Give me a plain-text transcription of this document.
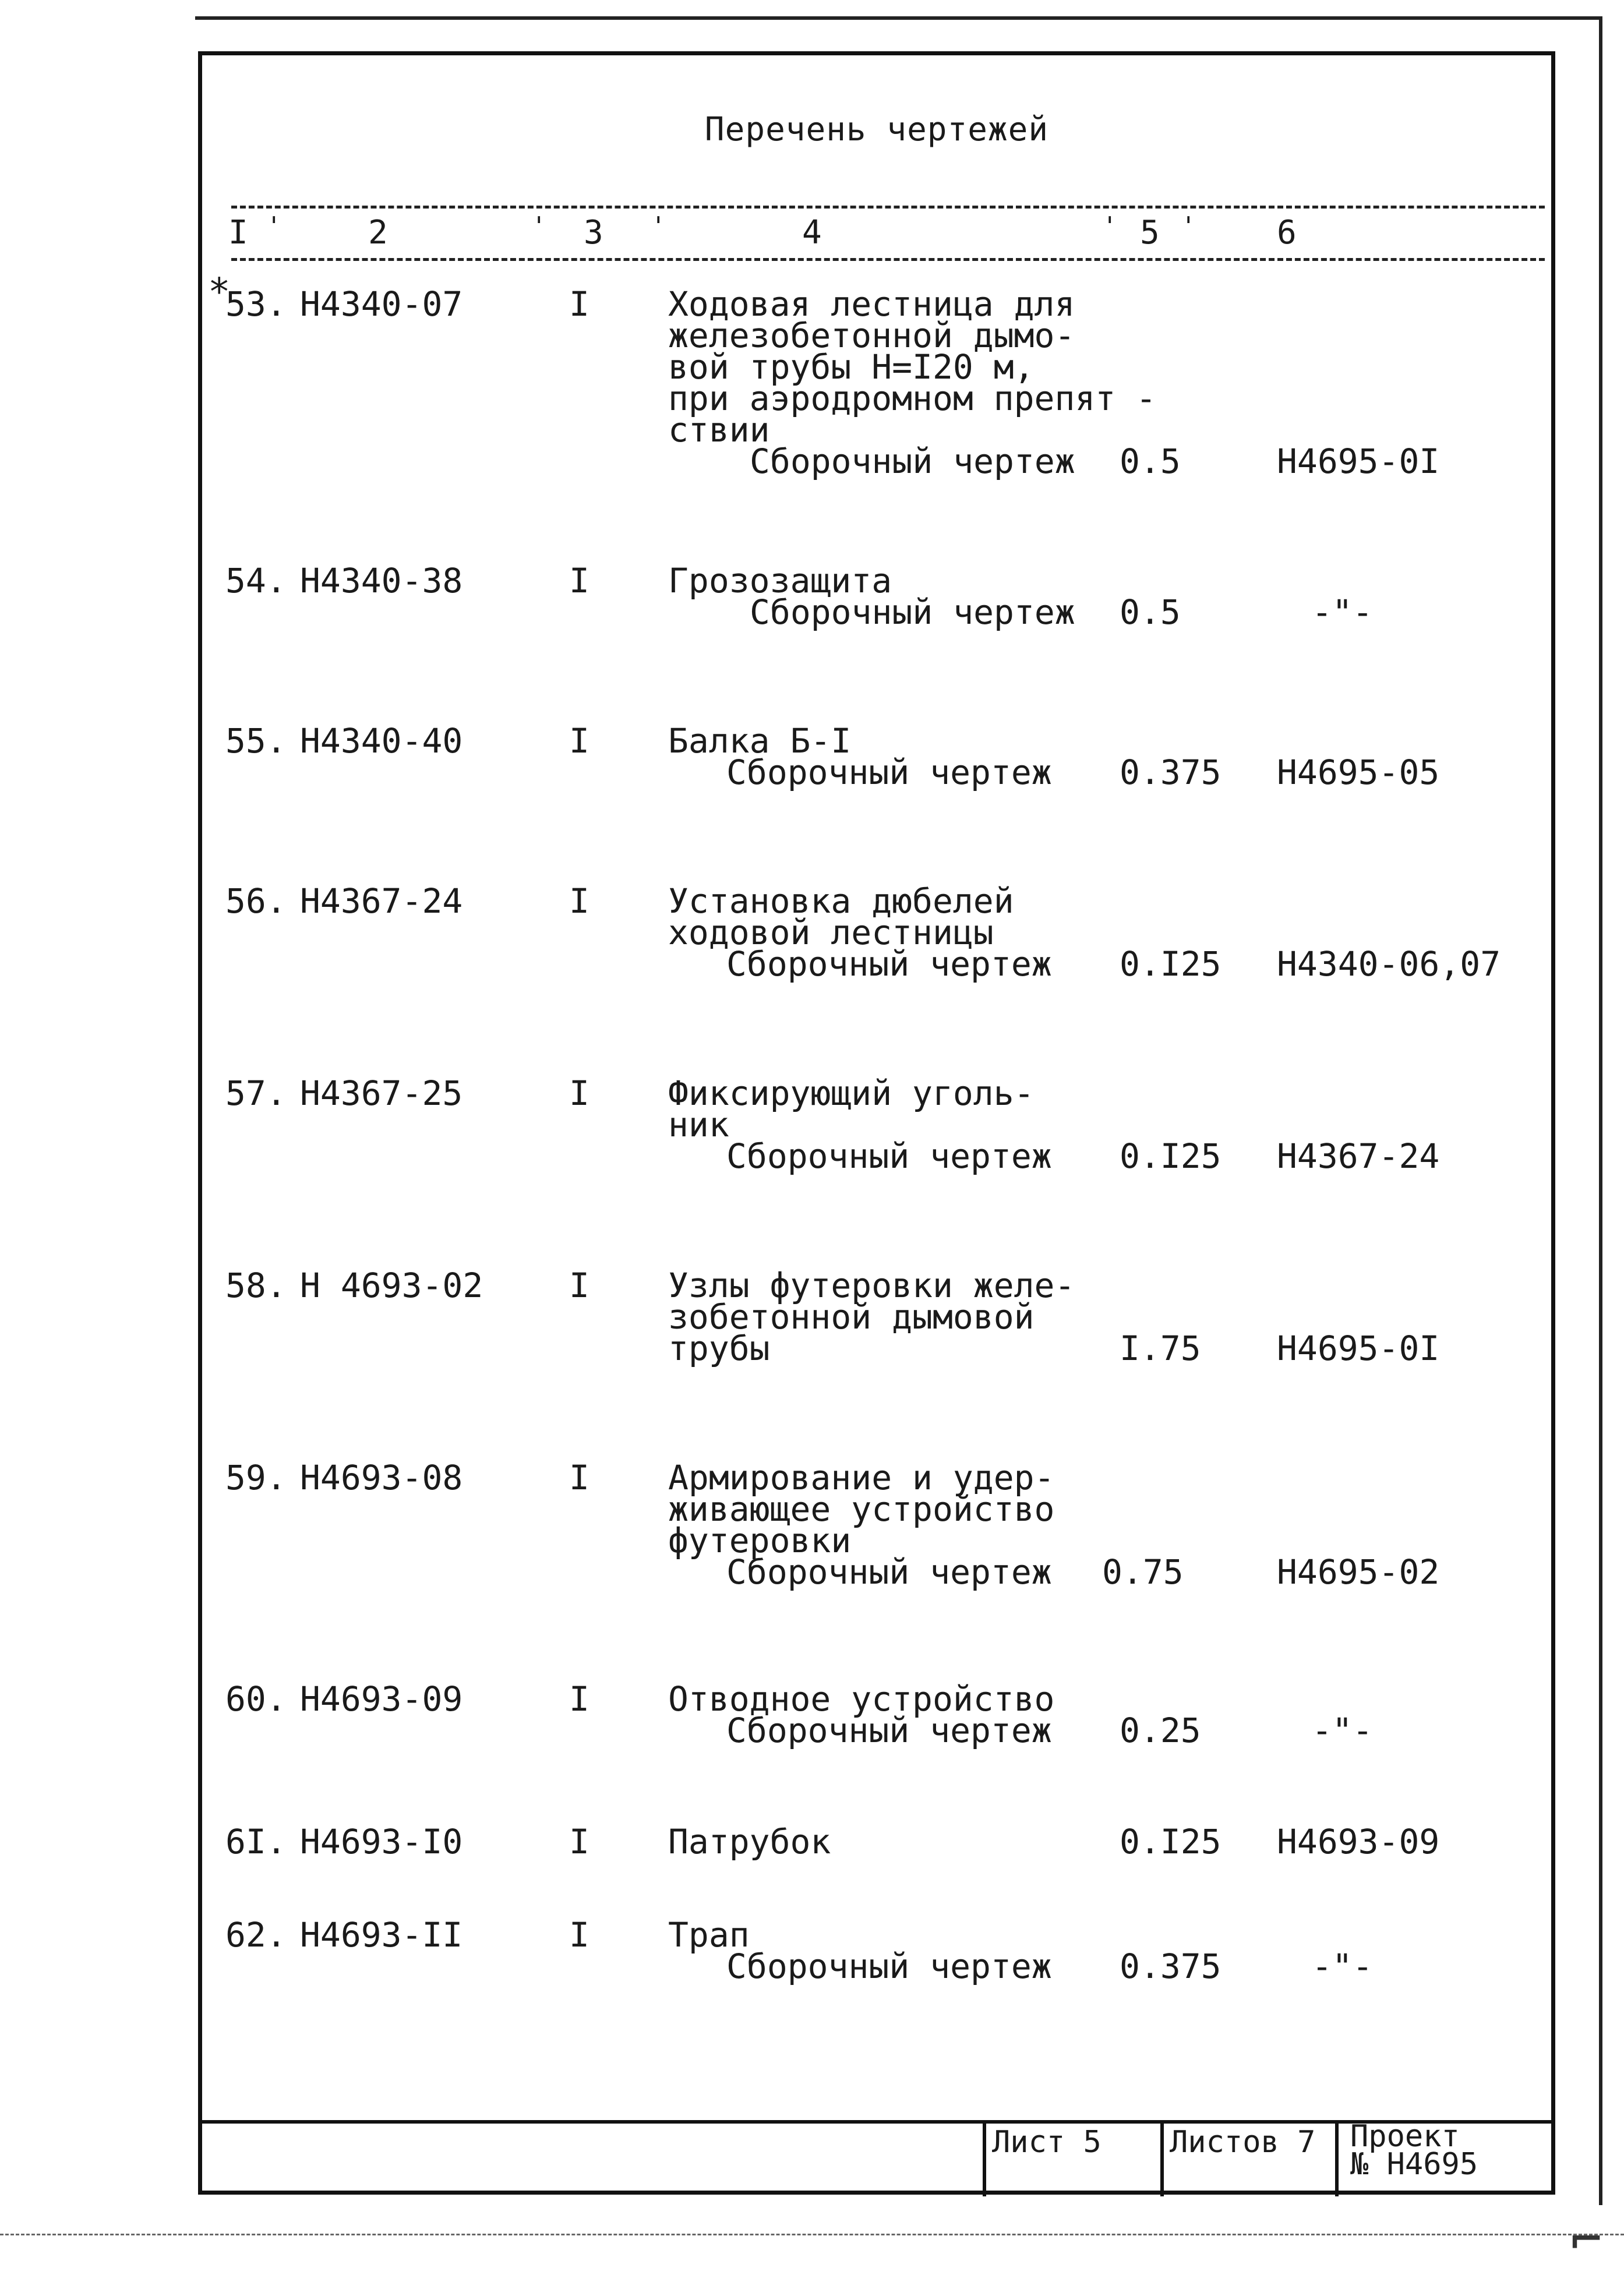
Перечень чертежей
I '	2	' 3 '	4	' 5 ' 6
*
53. Н4340-07	I Ходовая лестница для
железобетонной дымо-
вой трубы Н=I20 м,
при аэродромном препят -
ствии
Сборочный чертеж	0.5	Н4695-0I
54. Н4340-38	I Грозозащита
Сборочный чертеж 0.5	-"-
55. Н4340-40	I Балка Б-I
Сборочный чертеж 0.375 Н4695-05
56. Н4367-24	I Установка дюбелей
ходовой лестницы
Сборочный чертеж 0.I25 Н4340-06,07
57. Н4367-25	I Фиксирующий уголь-
ник
Сборочный чертеж 0.I25 Н4367-24
58. Н 4693-02	I Узлы футеровки желе-
зобетонной дымовой
трубы	I.75 Н4695-0I
59. Н4693-08	I Армирование и удер-
живающее устройство
футеровки
Сборочный чертеж 0.75	Н4695-02
60. Н4693-09	I Отводное устройство
Сборочный чертеж 0.25	-"-
6I. Н4693-I0	I Патрубок	0.I25 Н4693-09
62. Н4693-II	I Трап
Сборочный чертеж 0.375	-"-
Лист 5 Листов 7 Проект
№ Н4695
⌐
